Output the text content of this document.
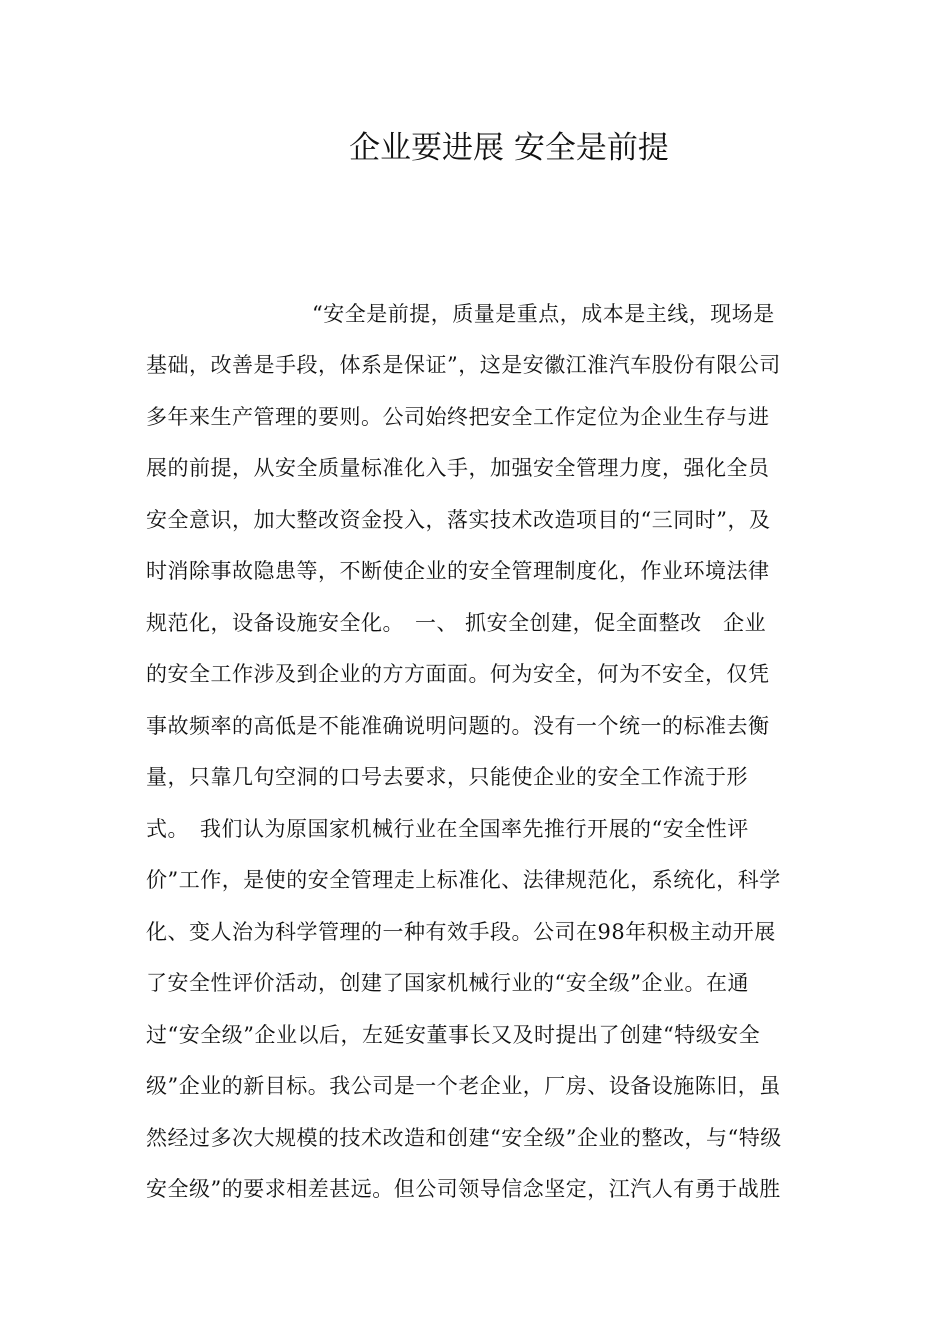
企业要进展 安全是前提
“安全是前提，质量是重点，成本是主线，现场是
基础，改善是手段，体系是保证”，这是安徽江淮汽车股份有限公司
多年来生产管理的要则。公司始终把安全工作定位为企业生存与进
展的前提，从安全质量标准化入手，加强安全管理力度，强化全员
安全意识，加大整改资金投入，落实技术改造项目的“三同时”，及
时消除事故隐患等，不断使企业的安全管理制度化，作业环境法律
规范化，设备设施安全化。　一、 抓安全创建，促全面整改　企业
的安全工作涉及到企业的方方面面。何为安全，何为不安全，仅凭
事故频率的高低是不能准确说明问题的。没有一个统一的标准去衡
量，只靠几句空洞的口号去要求，只能使企业的安全工作流于形
式。　我们认为原国家机械行业在全国率先推行开展的“安全性评
价”工作，是使的安全管理走上标准化、法律规范化，系统化，科学
化、变人治为科学管理的一种有效手段。公司在98年积极主动开展
了安全性评价活动，创建了国家机械行业的“安全级”企业。在通
过“安全级”企业以后，左延安董事长又及时提出了创建“特级安全
级”企业的新目标。我公司是一个老企业，厂房、设备设施陈旧，虽
然经过多次大规模的技术改造和创建“安全级”企业的整改，与“特级
安全级”的要求相差甚远。但公司领导信念坚定，江汽人有勇于战胜
